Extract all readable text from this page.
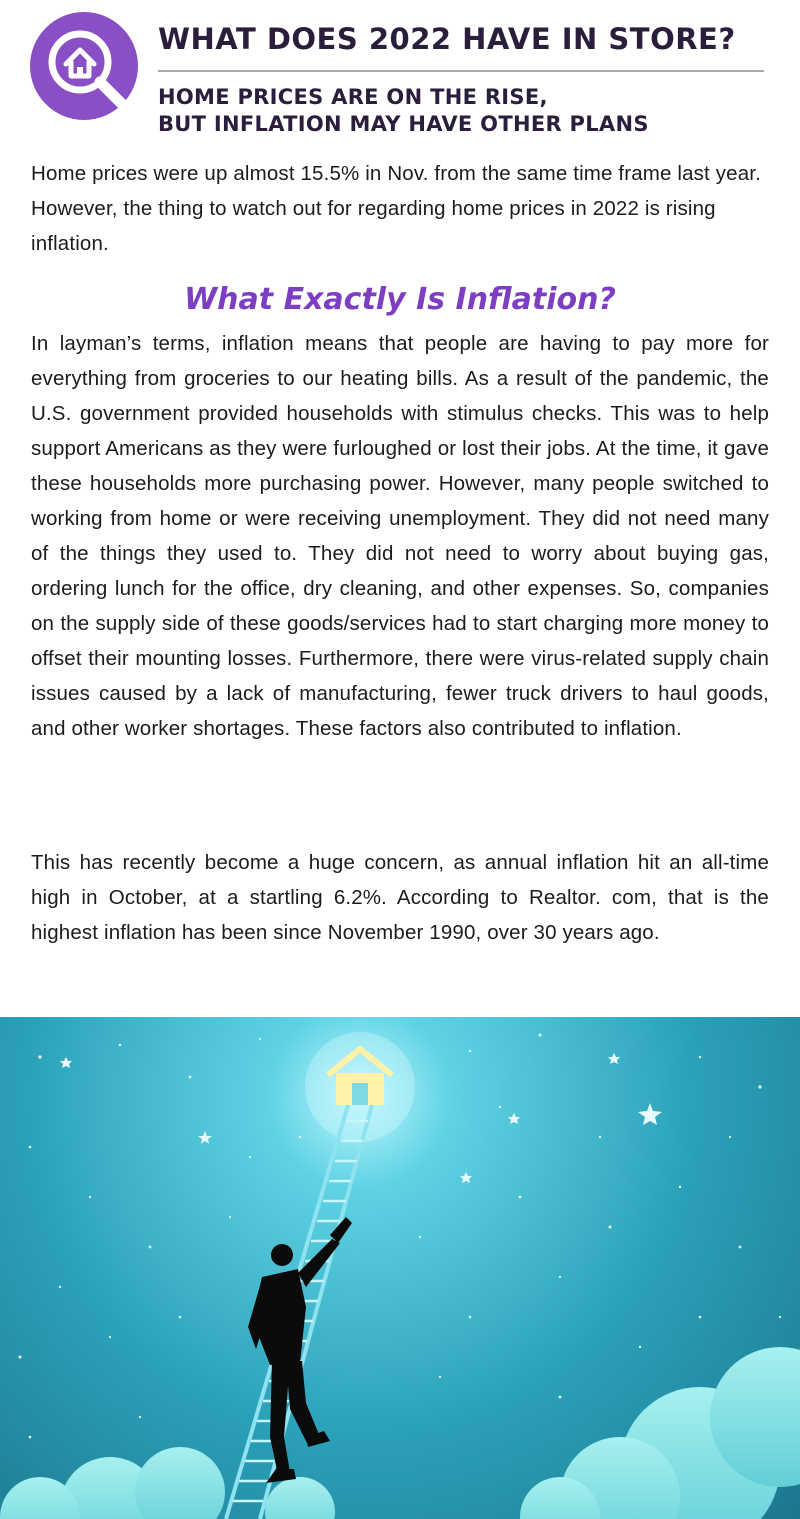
WHAT DOES 2022 HAVE IN STORE?
HOME PRICES ARE ON THE RISE,
BUT INFLATION MAY HAVE OTHER PLANS

Home prices were up almost 15.5% in Nov. from the same time frame last year. However, the thing to watch out for regarding home prices in 2022 is rising inflation.

What Exactly Is Inflation?

In layman’s terms, inflation means that people are having to pay more for everything from groceries to our heating bills. As a result of the pandemic, the U.S. government provided households with stimulus checks. This was to help support Americans as they were furloughed or lost their jobs. At the time, it gave these households more purchasing power. However, many people switched to working from home or were receiving unemployment. They did not need many of the things they used to. They did not need to worry about buying gas, ordering lunch for the office, dry cleaning, and other expenses. So, companies on the supply side of these goods/services had to start charging more money to offset their mounting losses. Furthermore, there were virus-related supply chain issues caused by a lack of manufacturing, fewer truck drivers to haul goods, and other worker shortages. These factors also contributed to inflation.

This has recently become a huge concern, as annual inflation hit an all-time high in October, at a startling 6.2%. According to Realtor. com, that is the highest inflation has been since November 1990, over 30 years ago.
